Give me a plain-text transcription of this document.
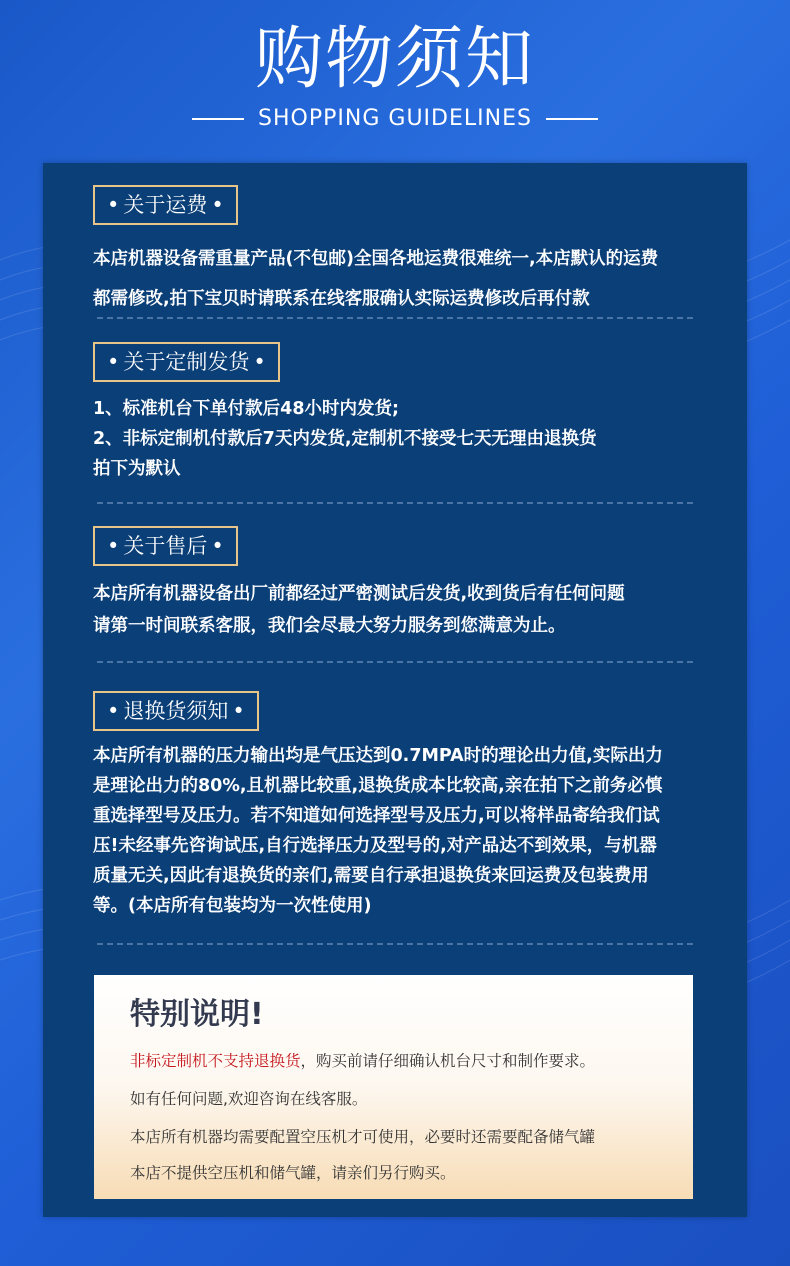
购物须知
SHOPPING GUIDELINES
• 关于运费 •

本店机器设备需重量产品(不包邮)全国各地运费很难统一,本店默认的运费

都需修改,拍下宝贝时请联系在线客服确认实际运费修改后再付款

• 关于定制发货 •

1、标准机台下单付款后48小时内发货;

2、非标定制机付款后7天内发货,定制机不接受七天无理由退换货

拍下为默认

• 关于售后 •

本店所有机器设备出厂前都经过严密测试后发货,收到货后有任何问题

请第一时间联系客服，我们会尽最大努力服务到您满意为止。

• 退换货须知 •

本店所有机器的压力输出均是气压达到0.7MPA时的理论出力值,实际出力

是理论出力的80%,且机器比较重,退换货成本比较高,亲在拍下之前务必慎

重选择型号及压力。若不知道如何选择型号及压力,可以将样品寄给我们试

压!未经事先咨询试压,自行选择压力及型号的,对产品达不到效果，与机器

质量无关,因此有退换货的亲们,需要自行承担退换货来回运费及包装费用

等。(本店所有包装均为一次性使用)

特别说明!
非标定制机不支持退换货，购买前请仔细确认机台尺寸和制作要求。
如有任何问题,欢迎咨询在线客服。
本店所有机器均需要配置空压机才可使用，必要时还需要配备储气罐
本店不提供空压机和储气罐，请亲们另行购买。
